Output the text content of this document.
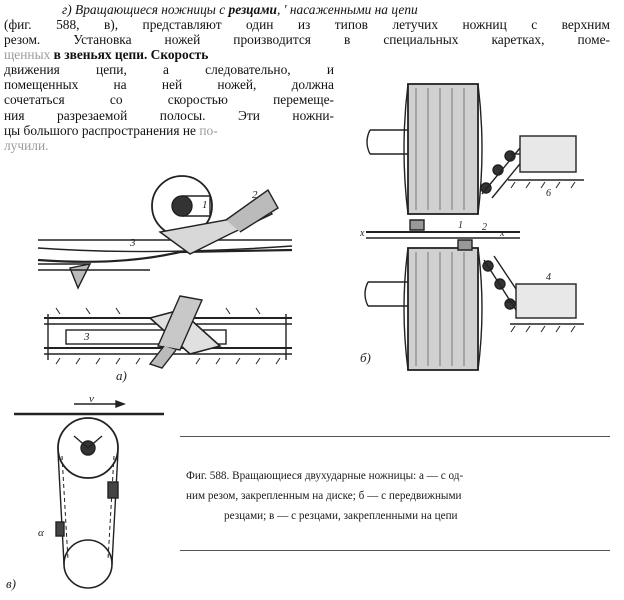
г) Вращающиеся ножницы с резцами, ' насаженными на цепи
(фиг. 588, в), представляют один из типов летучих ножниц с верхним
резом. Установка ножей производится в специальных каретках, поме-
щенных в звеньях цепи. Скорость
движения цепи, а следовательно, и
помещенных на ней ножей, должна
сочетаться со скоростью перемеще-
ния разрезаемой полосы. Эти ножни-
цы большого распространения не по-
лучили.
3
1
2
3
а)
6
4
x	x
1 2
б)
v
α
в)
Фиг. 588. Вращающиеся двухударные ножницы: а — с од-
ним резом, закрепленным на диске; б — с передвижными
резцами; в — с резцами, закрепленными на цепи
